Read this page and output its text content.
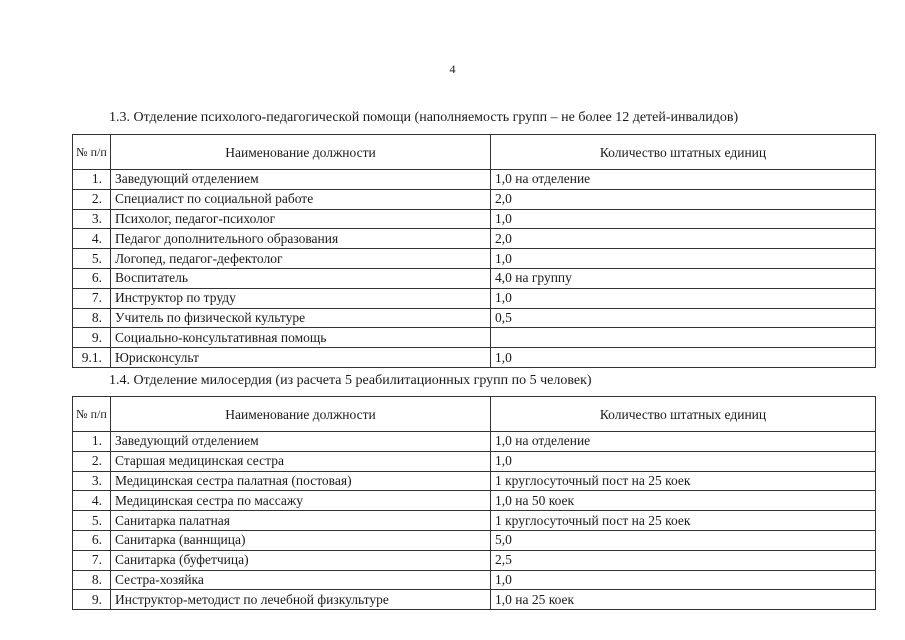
4
1.3. Отделение психолого-педагогической помощи (наполняемость групп – не более 12 детей-инвалидов)
№ п/п	Наименование должности	Количество штатных единиц
1.	Заведующий отделением	1,0 на отделение
2.	Специалист по социальной работе	2,0
3.	Психолог, педагог-психолог	1,0
4.	Педагог дополнительного образования	2,0
5.	Логопед, педагог-дефектолог	1,0
6.	Воспитатель	4,0 на группу
7.	Инструктор по труду	1,0
8.	Учитель по физической культуре	0,5
9.	Социально-консультативная помощь	
9.1.	Юрисконсульт	1,0
1.4. Отделение милосердия (из расчета 5 реабилитационных групп по 5 человек)
№ п/п	Наименование должности	Количество штатных единиц
1.	Заведующий отделением	1,0 на отделение
2.	Старшая медицинская сестра	1,0
3.	Медицинская сестра палатная (постовая)	1 круглосуточный пост на 25 коек
4.	Медицинская сестра по массажу	1,0 на 50 коек
5.	Санитарка палатная	1 круглосуточный пост на 25 коек
6.	Санитарка (ваннщица)	5,0
7.	Санитарка (буфетчица)	2,5
8.	Сестра-хозяйка	1,0
9.	Инструктор-методист по лечебной физкультуре	1,0 на 25 коек
